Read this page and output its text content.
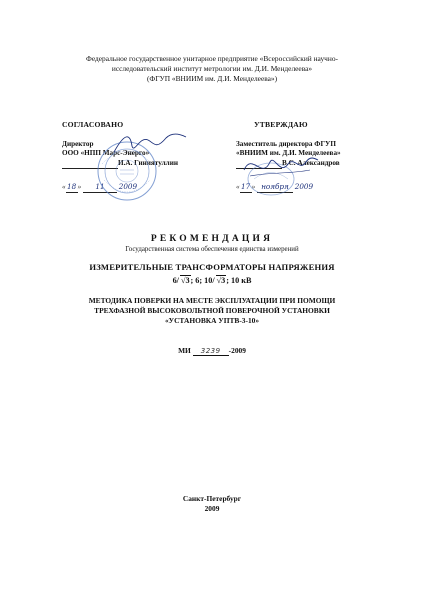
Федеральное государственное унитарное предприятие «Всероссийский научно-
исследовательский институт метрологии им. Д.И. Менделеева»
(ФГУП «ВНИИМ им. Д.И. Менделеева»)
СОГЛАСОВАНО
Директор
ООО «НПП Марс-Энерго»
И.А. Гиниятуллин
«18» 11 2009
УТВЕРЖДАЮ
Заместитель директора ФГУП
«ВНИИМ им. Д.И. Менделеева»
В.С. Александров
«17» ноября 2009
РЕКОМЕНДАЦИЯ
Государственная система обеспечения единства измерений
ИЗМЕРИТЕЛЬНЫЕ ТРАНСФОРМАТОРЫ НАПРЯЖЕНИЯ
6/ √3; 6; 10/ √3; 10 кВ
МЕТОДИКА ПОВЕРКИ НА МЕСТЕ ЭКСПЛУАТАЦИИ ПРИ ПОМОЩИ
ТРЕХФАЗНОЙ ВЫСОКОВОЛЬТНОЙ ПОВЕРОЧНОЙ УСТАНОВКИ
«УСТАНОВКА УПТВ-3-10»
МИ 3239 -2009
Санкт-Петербург
2009
